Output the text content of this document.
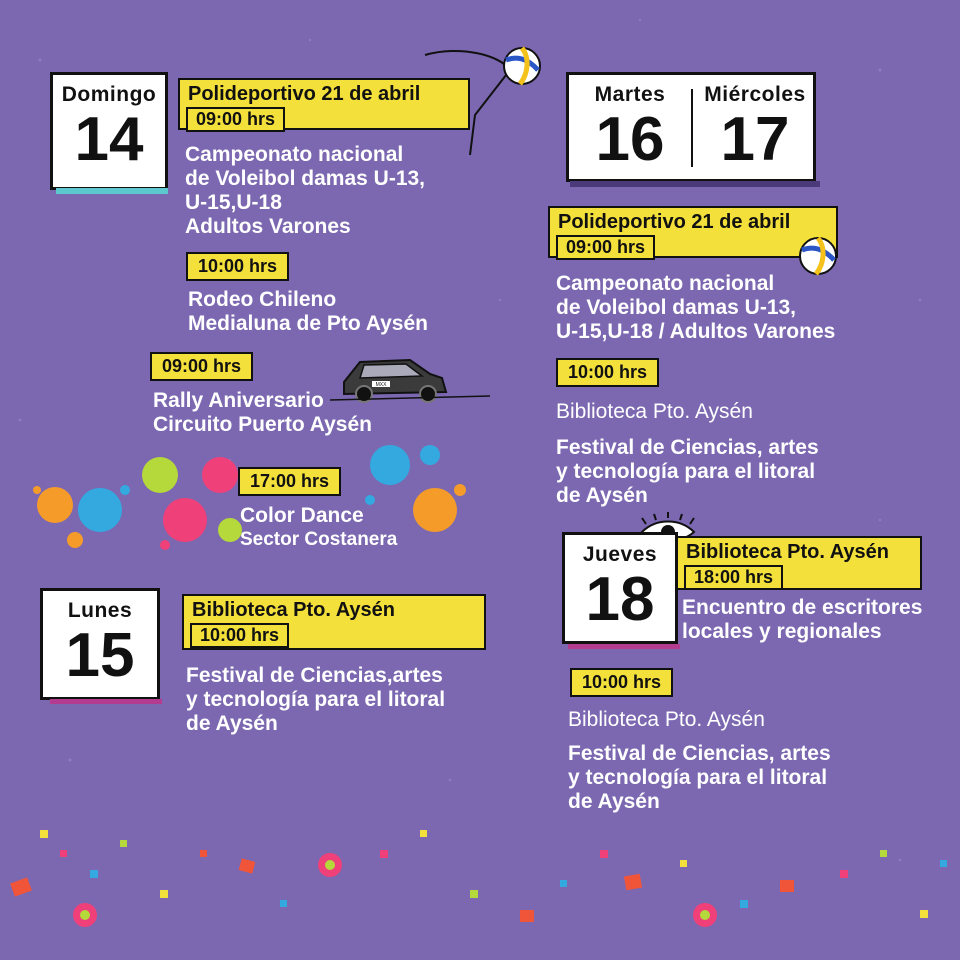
Domingo
14
Polideportivo 21 de abril
09:00 hrs
Campeonato nacional
de Voleibol damas U-13,
U-15,U-18
Adultos Varones
10:00 hrs
Rodeo Chileno
Medialuna de Pto Aysén
09:00 hrs
Rally Aniversario
Circuito Puerto Aysén
MXX
17:00 hrs
Color Dance
Sector Costanera
Lunes
15
Biblioteca Pto. Aysén
10:00 hrs
Festival de Ciencias,artes
y tecnología para el litoral
de Aysén
Martes
16
Miércoles
17
Polideportivo 21 de abril
09:00 hrs
Campeonato nacional
de Voleibol damas U-13,
U-15,U-18 / Adultos Varones
10:00 hrs
Biblioteca Pto. Aysén
Festival de Ciencias, artes
y tecnología para el litoral
de Aysén
Jueves
18
Biblioteca Pto. Aysén
18:00 hrs
Encuentro de escritores
locales y regionales
10:00 hrs
Biblioteca Pto. Aysén
Festival de Ciencias, artes
y tecnología para el litoral
de Aysén
